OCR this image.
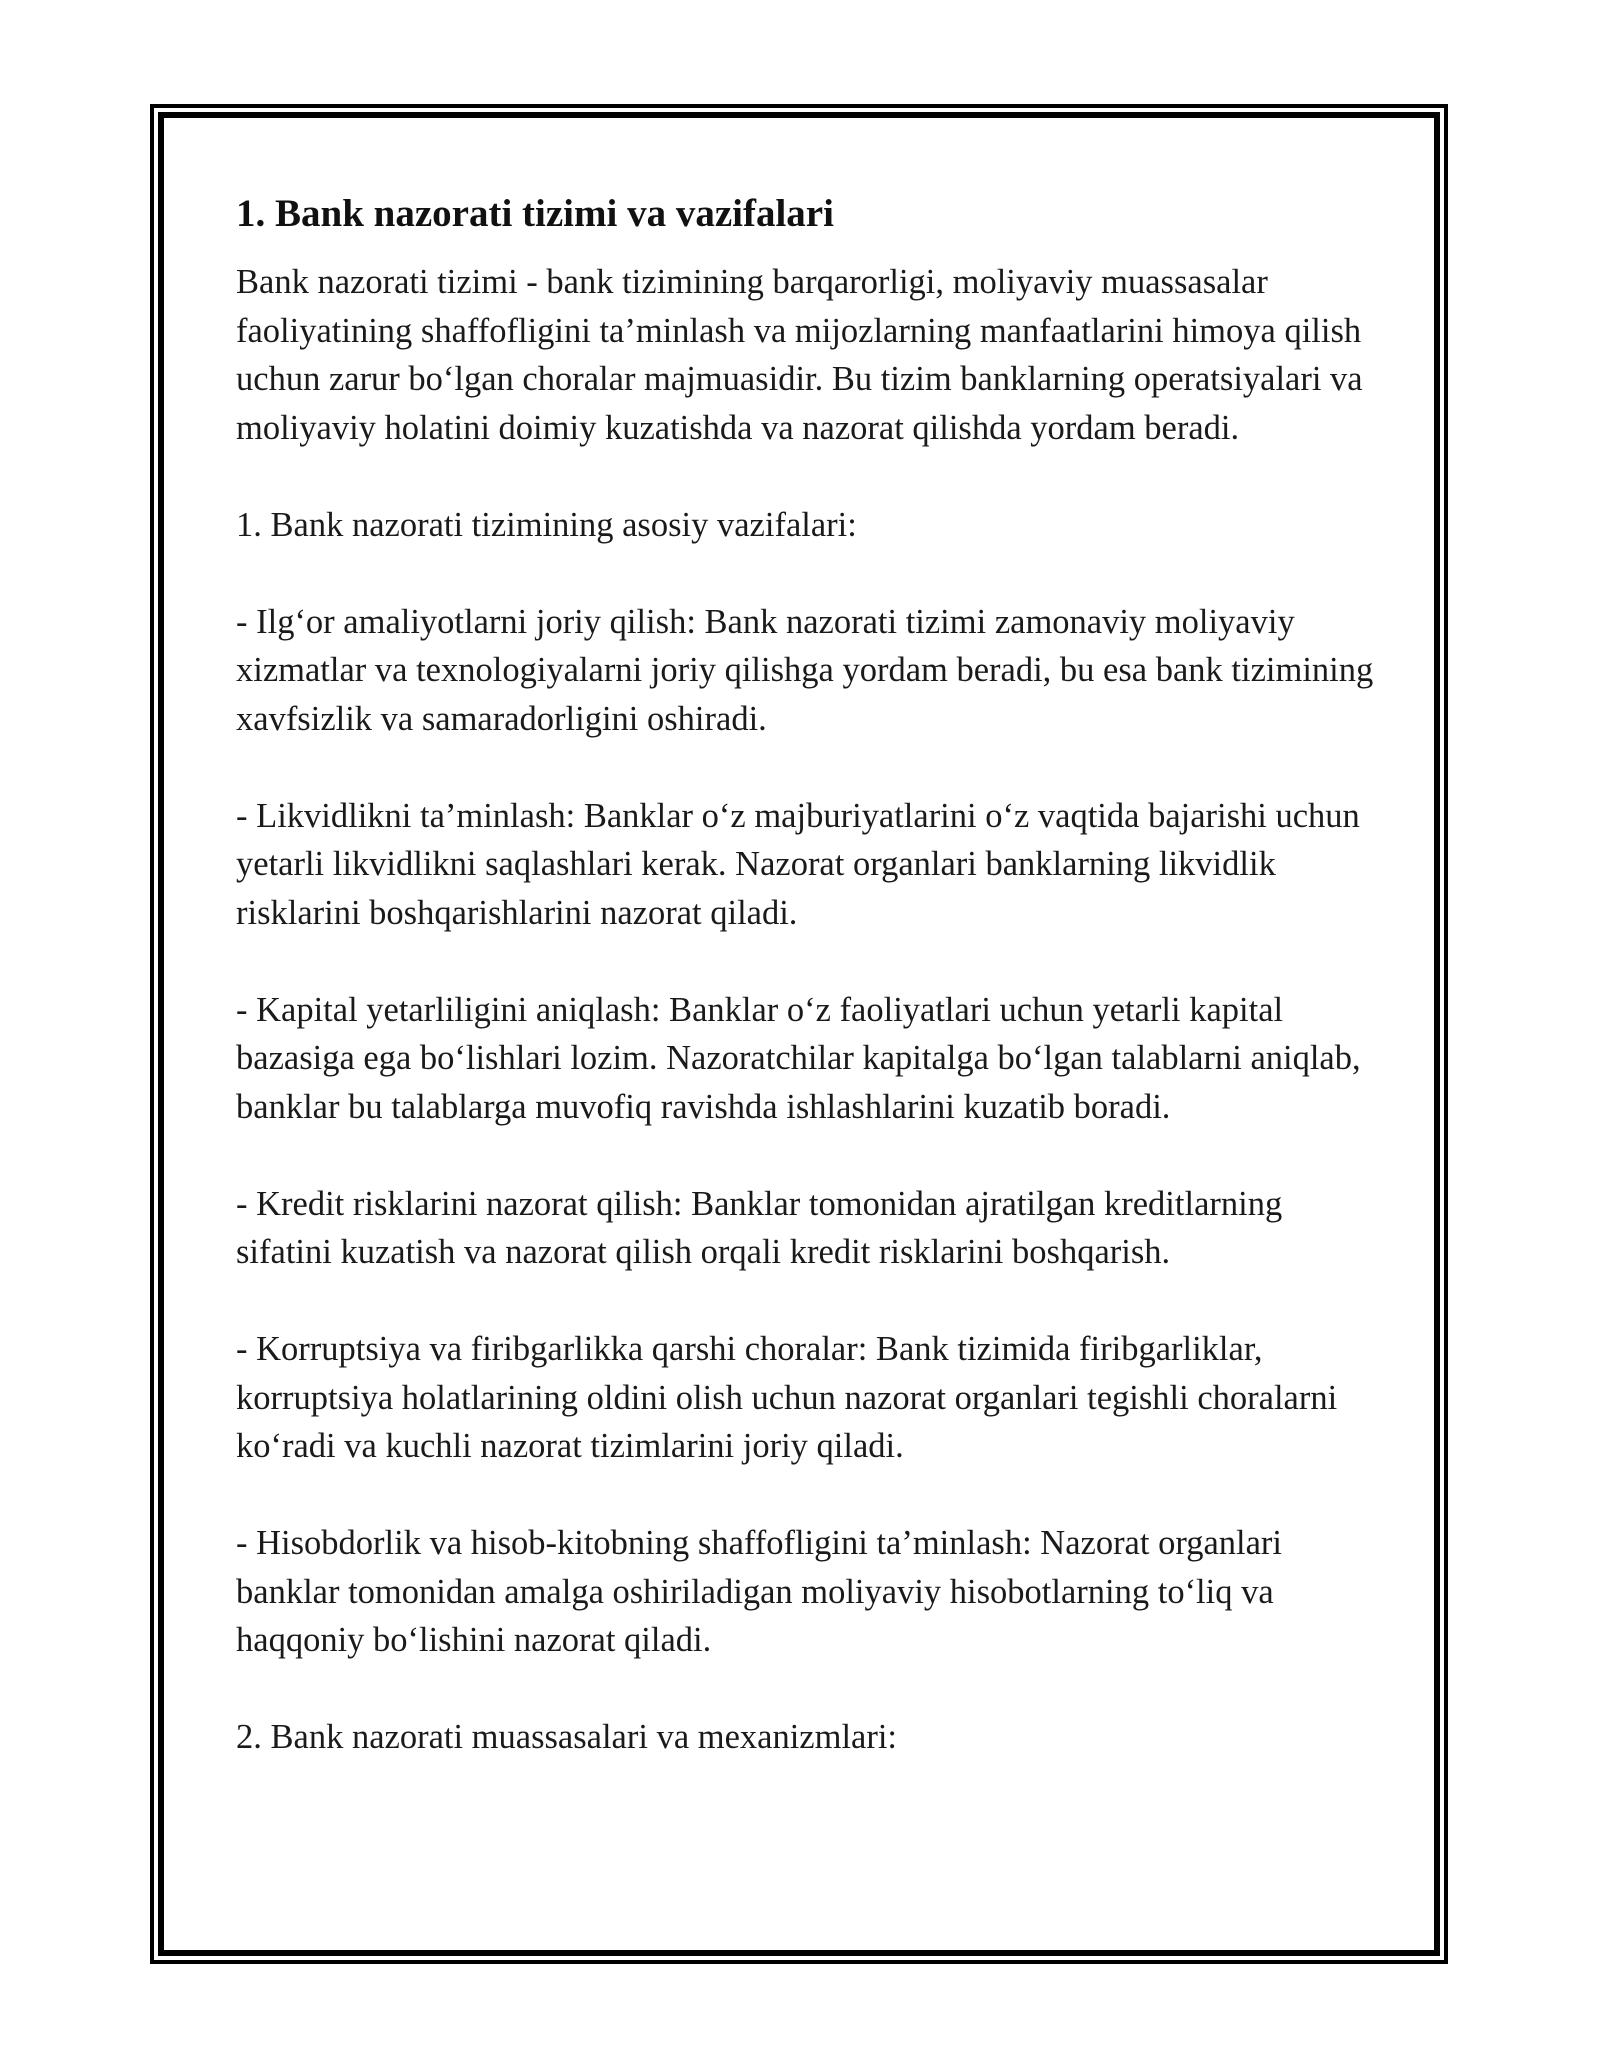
1. Bank nazorati tizimi va vazifalari

Bank nazorati tizimi - bank tizimining barqarorligi, moliyaviy muassasalar faoliyatining shaffofligini ta’minlash va mijozlarning manfaatlarini himoya qilish uchun zarur bo‘lgan choralar majmuasidir. Bu tizim banklarning operatsiyalari va moliyaviy holatini doimiy kuzatishda va nazorat qilishda yordam beradi.

1. Bank nazorati tizimining asosiy vazifalari:

- Ilg‘or amaliyotlarni joriy qilish: Bank nazorati tizimi zamonaviy moliyaviy xizmatlar va texnologiyalarni joriy qilishga yordam beradi, bu esa bank tizimining xavfsizlik va samaradorligini oshiradi.

- Likvidlikni ta’minlash: Banklar o‘z majburiyatlarini o‘z vaqtida bajarishi uchun yetarli likvidlikni saqlashlari kerak. Nazorat organlari banklarning likvidlik risklarini boshqarishlarini nazorat qiladi.

- Kapital yetarliligini aniqlash: Banklar o‘z faoliyatlari uchun yetarli kapital bazasiga ega bo‘lishlari lozim. Nazoratchilar kapitalga bo‘lgan talablarni aniqlab, banklar bu talablarga muvofiq ravishda ishlashlarini kuzatib boradi.

- Kredit risklarini nazorat qilish: Banklar tomonidan ajratilgan kreditlarning sifatini kuzatish va nazorat qilish orqali kredit risklarini boshqarish.

- Korruptsiya va firibgarlikka qarshi choralar: Bank tizimida firibgarliklar, korruptsiya holatlarining oldini olish uchun nazorat organlari tegishli choralarni ko‘radi va kuchli nazorat tizimlarini joriy qiladi.

- Hisobdorlik va hisob-kitobning shaffofligini ta’minlash: Nazorat organlari banklar tomonidan amalga oshiriladigan moliyaviy hisobotlarning to‘liq va haqqoniy bo‘lishini nazorat qiladi.

2. Bank nazorati muassasalari va mexanizmlari:
